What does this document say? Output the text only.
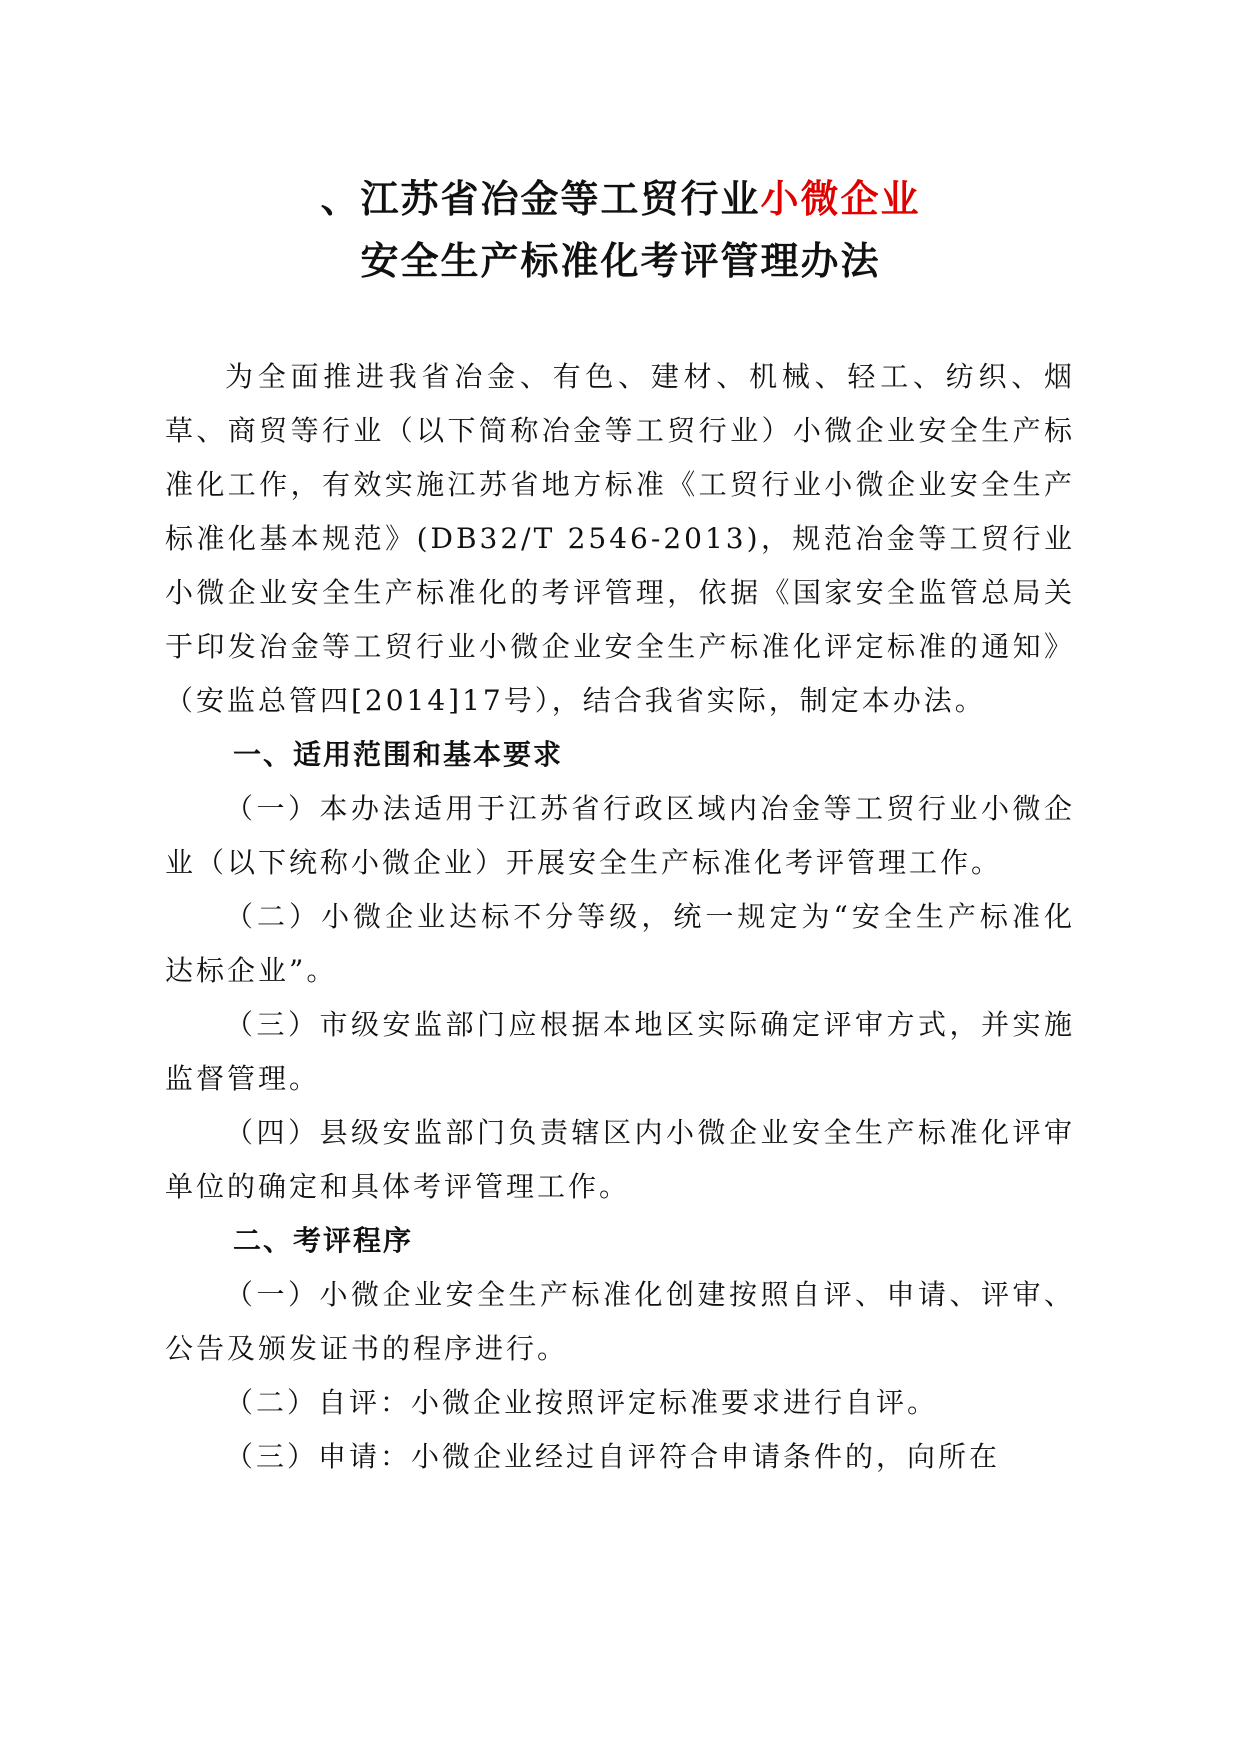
、江苏省冶金等工贸行业小微企业
安全生产标准化考评管理办法

为全面推进我省冶金、有色、建材、机械、轻工、纺织、烟草、商贸等行业（以下简称冶金等工贸行业）小微企业安全生产标准化工作，有效实施江苏省地方标准《工贸行业小微企业安全生产标准化基本规范》(DB32/T 2546-2013)，规范冶金等工贸行业小微企业安全生产标准化的考评管理，依据《国家安全监管总局关于印发冶金等工贸行业小微企业安全生产标准化评定标准的通知》（安监总管四[2014]17号），结合我省实际，制定本办法。

一、适用范围和基本要求

（一）本办法适用于江苏省行政区域内冶金等工贸行业小微企业（以下统称小微企业）开展安全生产标准化考评管理工作。

（二）小微企业达标不分等级，统一规定为“安全生产标准化达标企业”。

（三）市级安监部门应根据本地区实际确定评审方式，并实施监督管理。

（四）县级安监部门负责辖区内小微企业安全生产标准化评审单位的确定和具体考评管理工作。

二、考评程序

（一）小微企业安全生产标准化创建按照自评、申请、评审、公告及颁发证书的程序进行。

（二）自评：小微企业按照评定标准要求进行自评。

（三）申请：小微企业经过自评符合申请条件的，向所在
